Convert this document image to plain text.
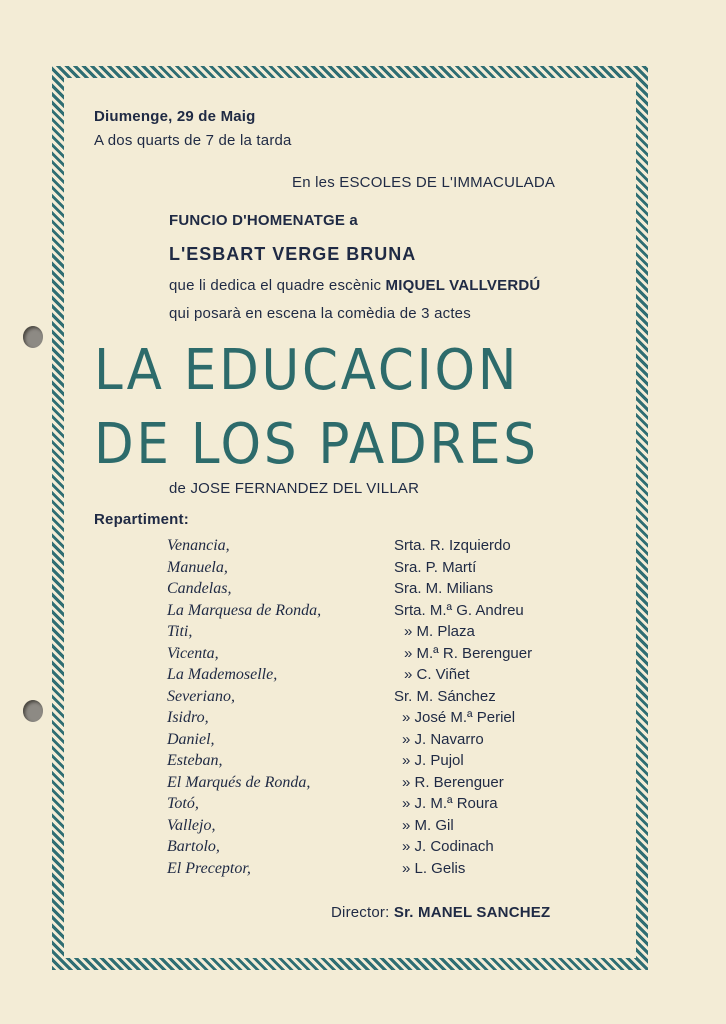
Diumenge, 29 de Maig
A dos quarts de 7 de la tarda
En les ESCOLES DE L'IMMACULADA
FUNCIO D'HOMENATGE a
L'ESBART VERGE BRUNA
que li dedica el quadre escènic MIQUEL VALLVERDÚ
qui posarà en escena la comèdia de 3 actes
LA EDUCACION
DE LOS PADRES
de JOSE FERNANDEZ DEL VILLAR
Repartiment:
Venancia,	Srta. R. Izquierdo
Manuela,	Sra. P. Martí
Candelas,	Sra. M. Milians
La Marquesa de Ronda,	Srta. M.ª G. Andreu
Titi,	» M. Plaza
Vicenta,	» M.ª R. Berenguer
La Mademoselle,	» C. Viñet
Severiano,	Sr. M. Sánchez
Isidro,	» José M.ª Periel
Daniel,	» J. Navarro
Esteban,	» J. Pujol
El Marqués de Ronda,	» R. Berenguer
Totó,	» J. M.ª Roura
Vallejo,	» M. Gil
Bartolo,	» J. Codinach
El Preceptor,	» L. Gelis
Director: Sr. MANEL SANCHEZ
